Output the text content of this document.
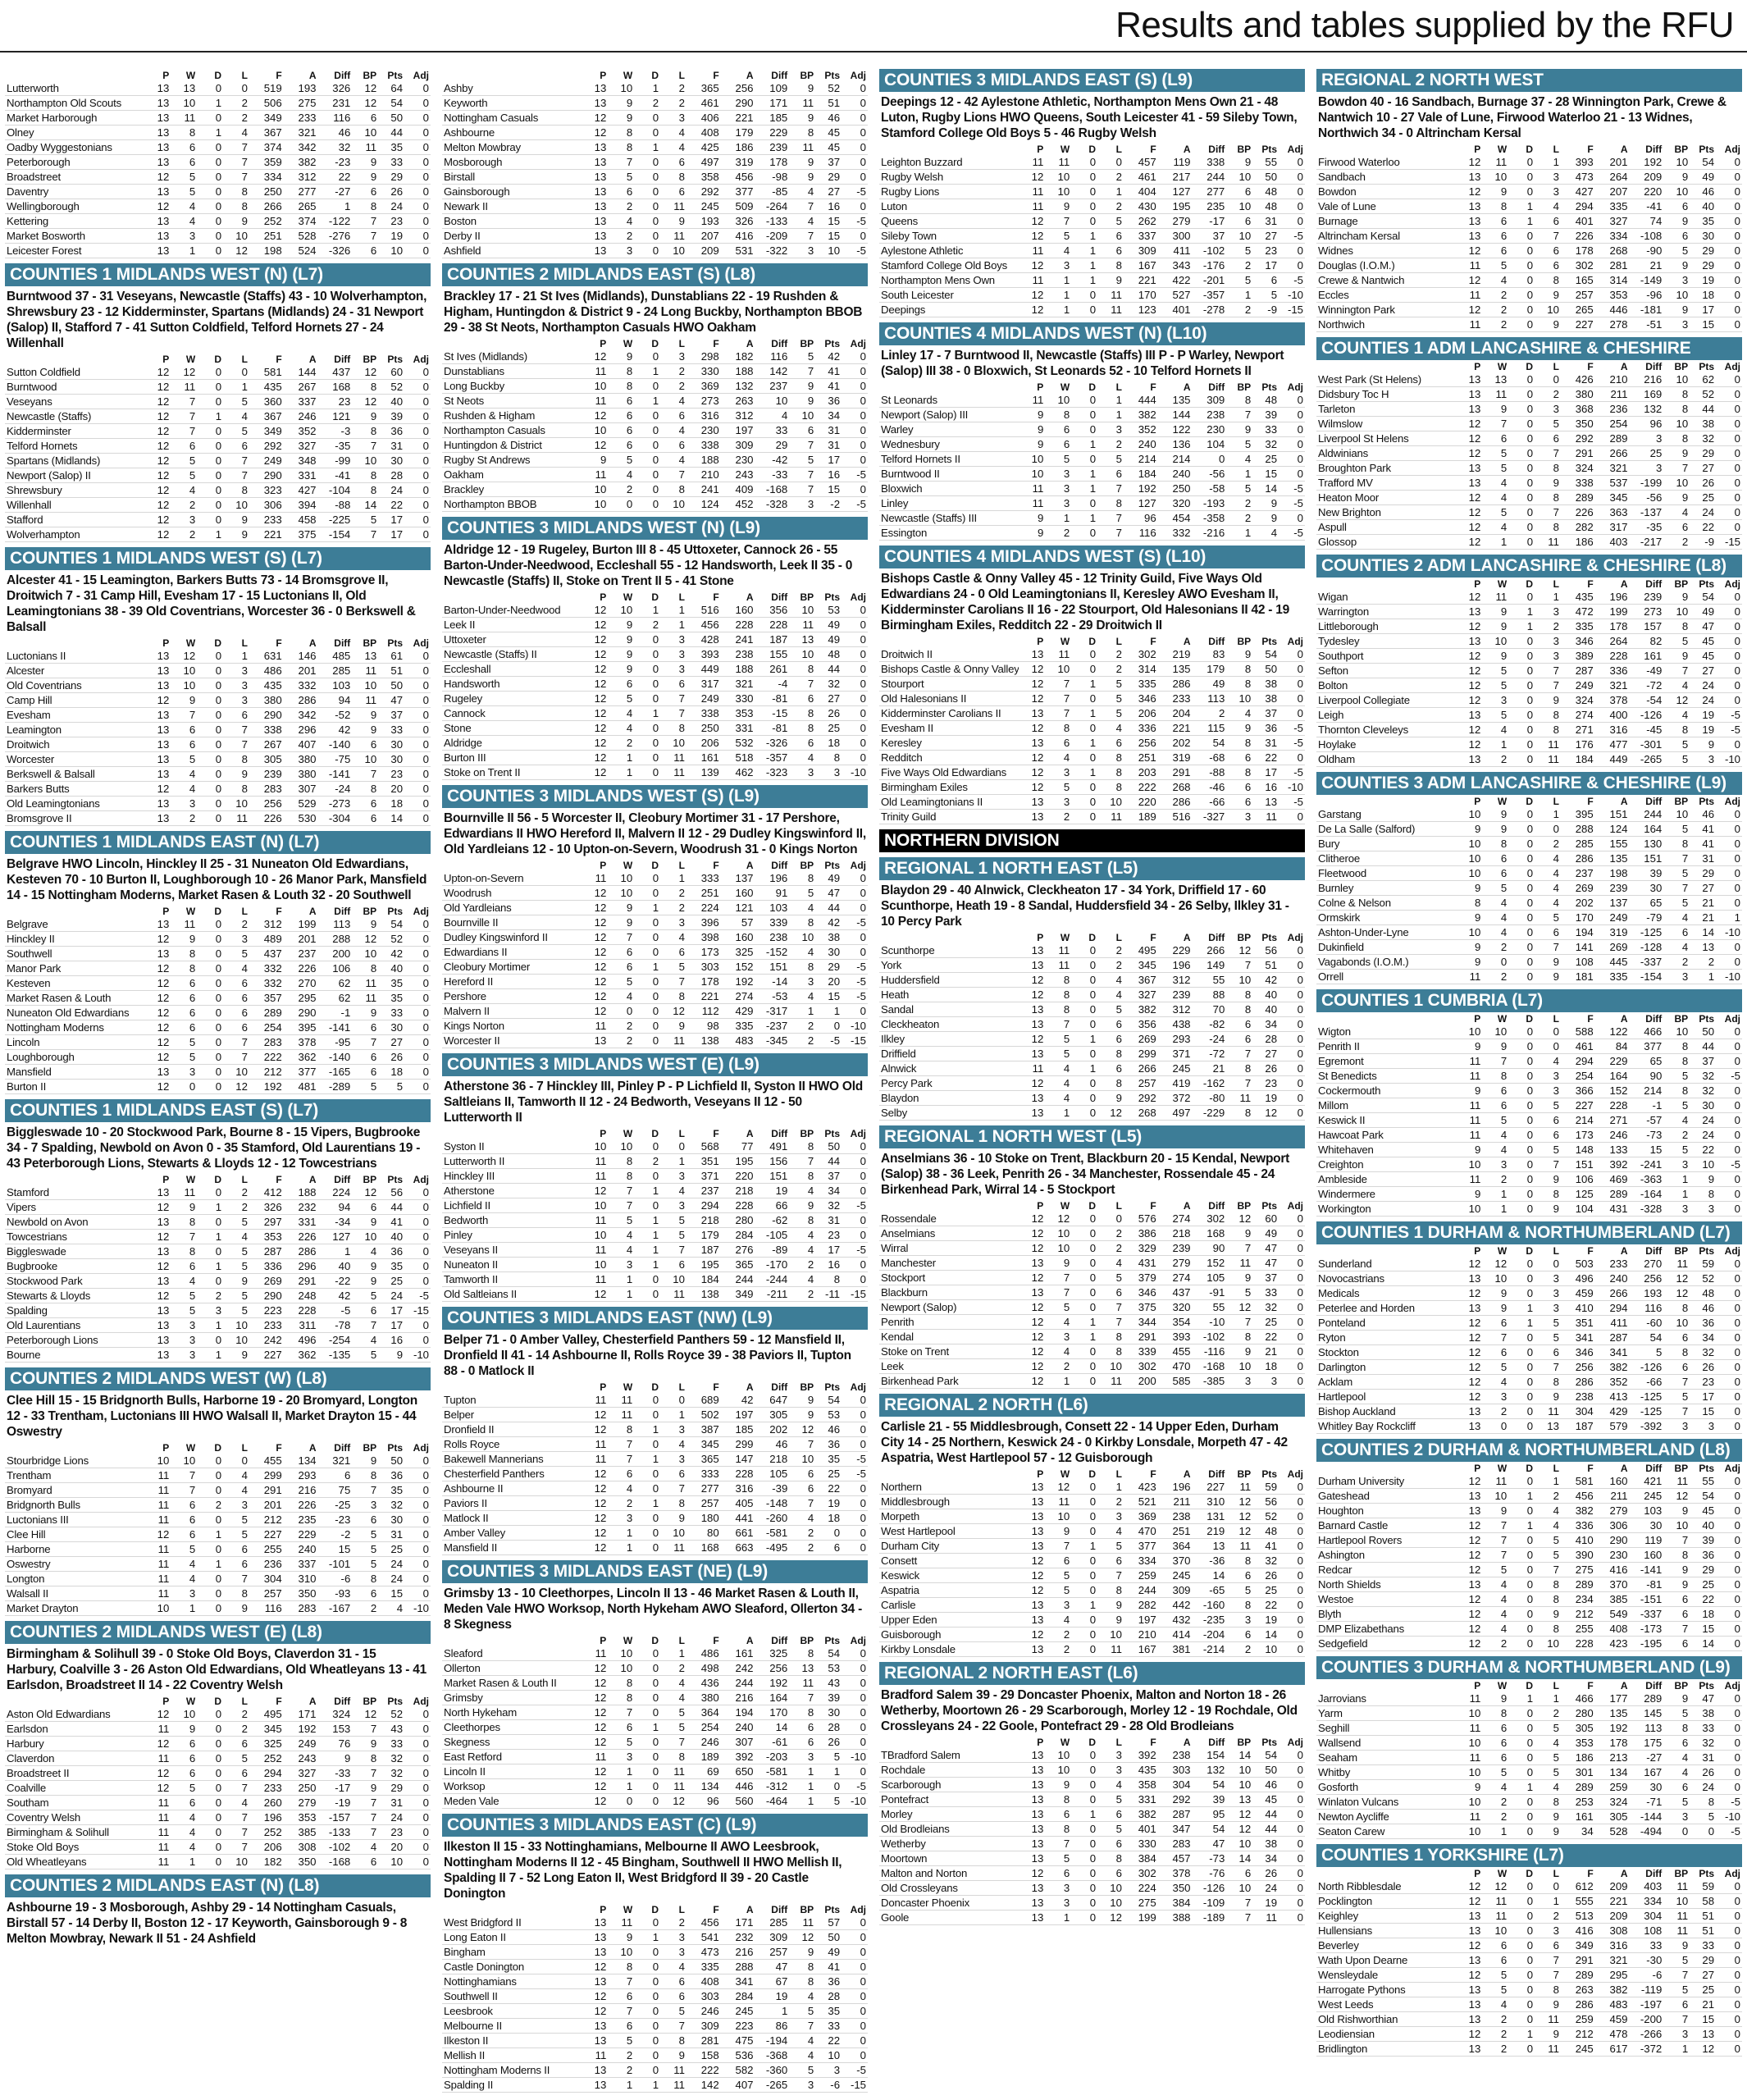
Results and tables supplied by the RFU
	P	W	D	L	F	A	Diff	BP	Pts	Adj
Lutterworth	13	13	0	0	519	193	326	12	64	0
Northampton Old Scouts	13	10	1	2	506	275	231	12	54	0
Market Harborough	13	11	0	2	349	233	116	6	50	0
Olney	13	8	1	4	367	321	46	10	44	0
Oadby Wyggestonians	13	6	0	7	374	342	32	11	35	0
Peterborough	13	6	0	7	359	382	-23	9	33	0
Broadstreet	12	5	0	7	334	312	22	9	29	0
Daventry	13	5	0	8	250	277	-27	6	26	0
Wellingborough	12	4	0	8	266	265	1	8	24	0
Kettering	13	4	0	9	252	374	-122	7	23	0
Market Bosworth	13	3	0	10	251	528	-276	7	19	0
Leicester Forest	13	1	0	12	198	524	-326	6	10	0
COUNTIES 1 MIDLANDS WEST (N) (L7)
Burntwood 37 - 31 Veseyans, Newcastle (Staffs) 43 - 10 Wolverhampton, Shrewsbury 23 - 12 Kidderminster, Spartans (Midlands) 24 - 31 Newport (Salop) II, Stafford 7 - 41 Sutton Coldfield, Telford Hornets 27 - 24 Willenhall
	P	W	D	L	F	A	Diff	BP	Pts	Adj
Sutton Coldfield	12	12	0	0	581	144	437	12	60	0
Burntwood	12	11	0	1	435	267	168	8	52	0
Veseyans	12	7	0	5	360	337	23	12	40	0
Newcastle (Staffs)	12	7	1	4	367	246	121	9	39	0
Kidderminster	12	7	0	5	349	352	-3	8	36	0
Telford Hornets	12	6	0	6	292	327	-35	7	31	0
Spartans (Midlands)	12	5	0	7	249	348	-99	10	30	0
Newport (Salop) II	12	5	0	7	290	331	-41	8	28	0
Shrewsbury	12	4	0	8	323	427	-104	8	24	0
Willenhall	12	2	0	10	306	394	-88	14	22	0
Stafford	12	3	0	9	233	458	-225	5	17	0
Wolverhampton	12	2	1	9	221	375	-154	7	17	0
COUNTIES 1 MIDLANDS WEST (S) (L7)
Alcester 41 - 15 Leamington, Barkers Butts 73 - 14 Bromsgrove II, Droitwich 7 - 31 Camp Hill, Evesham 17 - 15 Luctonians II, Old Leamingtonians 38 - 39 Old Coventrians, Worcester 36 - 0 Berkswell & Balsall
	P	W	D	L	F	A	Diff	BP	Pts	Adj
Luctonians II	13	12	0	1	631	146	485	13	61	0
Alcester	13	10	0	3	486	201	285	11	51	0
Old Coventrians	13	10	0	3	435	332	103	10	50	0
Camp Hill	12	9	0	3	380	286	94	11	47	0
Evesham	13	7	0	6	290	342	-52	9	37	0
Leamington	13	6	0	7	338	296	42	9	33	0
Droitwich	13	6	0	7	267	407	-140	6	30	0
Worcester	13	5	0	8	305	380	-75	10	30	0
Berkswell & Balsall	13	4	0	9	239	380	-141	7	23	0
Barkers Butts	12	4	0	8	283	307	-24	8	20	0
Old Leamingtonians	13	3	0	10	256	529	-273	6	18	0
Bromsgrove II	13	2	0	11	226	530	-304	6	14	0
COUNTIES 1 MIDLANDS EAST (N) (L7)
Belgrave HWO Lincoln, Hinckley II 25 - 31 Nuneaton Old Edwardians, Kesteven 70 - 10 Burton II, Loughborough 10 - 26 Manor Park, Mansfield 14 - 15 Nottingham Moderns, Market Rasen & Louth 32 - 20 Southwell
	P	W	D	L	F	A	Diff	BP	Pts	Adj
Belgrave	13	11	0	2	312	199	113	9	54	0
Hinckley II	12	9	0	3	489	201	288	12	52	0
Southwell	13	8	0	5	437	237	200	10	42	0
Manor Park	12	8	0	4	332	226	106	8	40	0
Kesteven	12	6	0	6	332	270	62	11	35	0
Market Rasen & Louth	12	6	0	6	357	295	62	11	35	0
Nuneaton Old Edwardians	12	6	0	6	289	290	-1	9	33	0
Nottingham Moderns	12	6	0	6	254	395	-141	6	30	0
Lincoln	12	5	0	7	283	378	-95	7	27	0
Loughborough	12	5	0	7	222	362	-140	6	26	0
Mansfield	13	3	0	10	212	377	-165	6	18	0
Burton II	12	0	0	12	192	481	-289	5	5	0
COUNTIES 1 MIDLANDS EAST (S) (L7)
Biggleswade 10 - 20 Stockwood Park, Bourne 8 - 15 Vipers, Bugbrooke 34 - 7 Spalding, Newbold on Avon 0 - 35 Stamford, Old Laurentians 19 - 43 Peterborough Lions, Stewarts & Lloyds 12 - 12 Towcestrians
	P	W	D	L	F	A	Diff	BP	Pts	Adj
Stamford	13	11	0	2	412	188	224	12	56	0
Vipers	12	9	1	2	326	232	94	6	44	0
Newbold on Avon	13	8	0	5	297	331	-34	9	41	0
Towcestrians	12	7	1	4	353	226	127	10	40	0
Biggleswade	13	8	0	5	287	286	1	4	36	0
Bugbrooke	12	6	1	5	336	296	40	9	35	0
Stockwood Park	13	4	0	9	269	291	-22	9	25	0
Stewarts & Lloyds	12	5	2	5	290	248	42	5	24	-5
Spalding	13	5	3	5	223	228	-5	6	17	-15
Old Laurentians	13	3	1	10	233	311	-78	7	17	0
Peterborough Lions	13	3	0	10	242	496	-254	4	16	0
Bourne	13	3	1	9	227	362	-135	5	9	-10
COUNTIES 2 MIDLANDS WEST (W) (L8)
Clee Hill 15 - 15 Bridgnorth Bulls, Harborne 19 - 20 Bromyard, Longton 12 - 33 Trentham, Luctonians III HWO Walsall II, Market Drayton 15 - 44 Oswestry
	P	W	D	L	F	A	Diff	BP	Pts	Adj
Stourbridge Lions	10	10	0	0	455	134	321	9	50	0
Trentham	11	7	0	4	299	293	6	8	36	0
Bromyard	11	7	0	4	291	216	75	7	35	0
Bridgnorth Bulls	11	6	2	3	201	226	-25	3	32	0
Luctonians III	11	6	0	5	212	235	-23	6	30	0
Clee Hill	12	6	1	5	227	229	-2	5	31	0
Harborne	11	5	0	6	255	240	15	5	25	0
Oswestry	11	4	1	6	236	337	-101	5	24	0
Longton	11	4	0	7	304	310	-6	8	24	0
Walsall II	11	3	0	8	257	350	-93	6	15	0
Market Drayton	10	1	0	9	116	283	-167	2	4	-10
COUNTIES 2 MIDLANDS WEST (E) (L8)
Birmingham & Solihull 39 - 0 Stoke Old Boys, Claverdon 31 - 15 Harbury, Coalville 3 - 26 Aston Old Edwardians, Old Wheatleyans 13 - 41 Earlsdon, Broadstreet II 14 - 22 Coventry Welsh
	P	W	D	L	F	A	Diff	BP	Pts	Adj
Aston Old Edwardians	12	10	0	2	495	171	324	12	52	0
Earlsdon	11	9	0	2	345	192	153	7	43	0
Harbury	12	6	0	6	325	249	76	9	33	0
Claverdon	11	6	0	5	252	243	9	8	32	0
Broadstreet II	12	6	0	6	294	327	-33	7	32	0
Coalville	12	5	0	7	233	250	-17	9	29	0
Southam	11	6	0	4	260	279	-19	7	31	0
Coventry Welsh	11	4	0	7	196	353	-157	7	24	0
Birmingham & Solihull	11	4	0	7	252	385	-133	7	23	0
Stoke Old Boys	11	4	0	7	206	308	-102	4	20	0
Old Wheatleyans	11	1	0	10	182	350	-168	6	10	0
COUNTIES 2 MIDLANDS EAST (N) (L8)
Ashbourne 19 - 3 Mosborough, Ashby 29 - 14 Nottingham Casuals, Birstall 57 - 14 Derby II, Boston 12 - 17 Keyworth, Gainsborough 9 - 8 Melton Mowbray, Newark II 51 - 24 Ashfield
	P	W	D	L	F	A	Diff	BP	Pts	Adj
Ashby	13	10	1	2	365	256	109	9	52	0
Keyworth	13	9	2	2	461	290	171	11	51	0
Nottingham Casuals	12	9	0	3	406	221	185	9	46	0
Ashbourne	12	8	0	4	408	179	229	8	45	0
Melton Mowbray	13	8	1	4	425	186	239	11	45	0
Mosborough	13	7	0	6	497	319	178	9	37	0
Birstall	13	5	0	8	358	456	-98	9	29	0
Gainsborough	13	6	0	6	292	377	-85	4	27	-5
Newark II	13	2	0	11	245	509	-264	7	16	0
Boston	13	4	0	9	193	326	-133	4	15	-5
Derby II	13	2	0	11	207	416	-209	7	15	0
Ashfield	13	3	0	10	209	531	-322	3	10	-5
COUNTIES 2 MIDLANDS EAST (S) (L8)
Brackley 17 - 21 St Ives (Midlands), Dunstablians 22 - 19 Rushden & Higham, Huntingdon & District 9 - 24 Long Buckby, Northampton BBOB 29 - 38 St Neots, Northampton Casuals HWO Oakham
	P	W	D	L	F	A	Diff	BP	Pts	Adj
St Ives (Midlands)	12	9	0	3	298	182	116	5	42	0
Dunstablians	11	8	1	2	330	188	142	7	41	0
Long Buckby	10	8	0	2	369	132	237	9	41	0
St Neots	11	6	1	4	273	263	10	9	36	0
Rushden & Higham	12	6	0	6	316	312	4	10	34	0
Northampton Casuals	10	6	0	4	230	197	33	6	31	0
Huntingdon & District	12	6	0	6	338	309	29	7	31	0
Rugby St Andrews	9	5	0	4	188	230	-42	5	17	0
Oakham	11	4	0	7	210	243	-33	7	16	-5
Brackley	10	2	0	8	241	409	-168	7	15	0
Northampton BBOB	10	0	0	10	124	452	-328	3	-2	-5
COUNTIES 3 MIDLANDS WEST (N) (L9)
Aldridge 12 - 19 Rugeley, Burton III 8 - 45 Uttoxeter, Cannock 26 - 55 Barton-Under-Needwood, Eccleshall 55 - 12 Handsworth, Leek II 35 - 0 Newcastle (Staffs) II, Stoke on Trent II 5 - 41 Stone
	P	W	D	L	F	A	Diff	BP	Pts	Adj
Barton-Under-Needwood	12	10	1	1	516	160	356	10	53	0
Leek II	12	9	2	1	456	228	228	11	49	0
Uttoxeter	12	9	0	3	428	241	187	13	49	0
Newcastle (Staffs) II	12	9	0	3	393	238	155	10	48	0
Eccleshall	12	9	0	3	449	188	261	8	44	0
Handsworth	12	6	0	6	317	321	-4	7	32	0
Rugeley	12	5	0	7	249	330	-81	6	27	0
Cannock	12	4	1	7	338	353	-15	8	26	0
Stone	12	4	0	8	250	331	-81	8	25	0
Aldridge	12	2	0	10	206	532	-326	6	18	0
Burton III	12	1	0	11	161	518	-357	4	8	0
Stoke on Trent II	12	1	0	11	139	462	-323	3	3	-10
COUNTIES 3 MIDLANDS WEST (S) (L9)
Bournville II 56 - 5 Worcester II, Cleobury Mortimer 31 - 17 Pershore, Edwardians II HWO Hereford II, Malvern II 12 - 29 Dudley Kingswinford II, Old Yardleians 12 - 10 Upton-on-Severn, Woodrush 31 - 0 Kings Norton
	P	W	D	L	F	A	Diff	BP	Pts	Adj
Upton-on-Severn	11	10	0	1	333	137	196	8	49	0
Woodrush	12	10	0	2	251	160	91	5	47	0
Old Yardleians	12	9	1	2	224	121	103	4	44	0
Bournville II	12	9	0	3	396	57	339	8	42	-5
Dudley Kingswinford II	12	7	0	4	398	160	238	10	38	0
Edwardians II	12	6	0	6	173	325	-152	4	30	0
Cleobury Mortimer	12	6	1	5	303	152	151	8	29	-5
Hereford II	12	5	0	7	178	192	-14	3	20	-5
Pershore	12	4	0	8	221	274	-53	4	15	-5
Malvern II	12	0	0	12	112	429	-317	1	1	0
Kings Norton	11	2	0	9	98	335	-237	2	0	-10
Worcester II	13	2	0	11	138	483	-345	2	-5	-15
COUNTIES 3 MIDLANDS WEST (E) (L9)
Atherstone 36 - 7 Hinckley III, Pinley P - P Lichfield II, Syston II HWO Old Saltleians II, Tamworth II 12 - 24 Bedworth, Veseyans II 12 - 50 Lutterworth II
	P	W	D	L	F	A	Diff	BP	Pts	Adj
Syston II	10	10	0	0	568	77	491	8	50	0
Lutterworth II	11	8	2	1	351	195	156	7	44	0
Hinckley III	11	8	0	3	371	220	151	8	37	0
Atherstone	12	7	1	4	237	218	19	4	34	0
Lichfield II	10	7	0	3	294	228	66	9	32	-5
Bedworth	11	5	1	5	218	280	-62	8	31	0
Pinley	10	4	1	5	179	284	-105	4	23	0
Veseyans II	11	4	1	7	187	276	-89	4	17	-5
Nuneaton II	10	3	1	6	195	365	-170	2	16	0
Tamworth II	11	1	0	10	184	244	-244	4	8	0
Old Saltleians II	12	1	0	11	138	349	-211	2	-11	-15
COUNTIES 3 MIDLANDS EAST (NW) (L9)
Belper 71 - 0 Amber Valley, Chesterfield Panthers 59 - 12 Mansfield II, Dronfield II 41 - 14 Ashbourne II, Rolls Royce 39 - 38 Paviors II, Tupton 88 - 0 Matlock II
	P	W	D	L	F	A	Diff	BP	Pts	Adj
Tupton	11	11	0	0	689	42	647	9	54	0
Belper	12	11	0	1	502	197	305	9	53	0
Dronfield II	12	8	1	3	387	185	202	12	46	0
Rolls Royce	11	7	0	4	345	299	46	7	36	0
Bakewell Mannerians	11	7	1	3	365	147	218	10	35	-5
Chesterfield Panthers	12	6	0	6	333	228	105	6	25	-5
Ashbourne II	12	4	0	7	277	316	-39	6	22	0
Paviors II	12	2	1	8	257	405	-148	7	19	0
Matlock II	12	3	0	9	180	441	-260	4	18	0
Amber Valley	12	1	0	10	80	661	-581	2	0	0
Mansfield II	12	1	0	11	168	663	-495	2	6	0
COUNTIES 3 MIDLANDS EAST (NE) (L9)
Grimsby 13 - 10 Cleethorpes, Lincoln II 13 - 46 Market Rasen & Louth II, Meden Vale HWO Worksop, North Hykeham AWO Sleaford, Ollerton 34 - 8 Skegness
	P	W	D	L	F	A	Diff	BP	Pts	Adj
Sleaford	11	10	0	1	486	161	325	8	54	0
Ollerton	12	10	0	2	498	242	256	13	53	0
Market Rasen & Louth II	12	8	0	4	436	244	192	11	43	0
Grimsby	12	8	0	4	380	216	164	7	39	0
North Hykeham	12	7	0	5	364	194	170	8	30	0
Cleethorpes	12	6	1	5	254	240	14	6	28	0
Skegness	12	5	0	7	246	307	-61	6	26	0
East Retford	11	3	0	8	189	392	-203	3	5	-10
Lincoln II	12	1	0	11	69	650	-581	1	1	0
Worksop	12	1	0	11	134	446	-312	1	0	-5
Meden Vale	12	0	0	12	96	560	-464	1	5	-10
COUNTIES 3 MIDLANDS EAST (C) (L9)
Ilkeston II 15 - 33 Nottinghamians, Melbourne II AWO Leesbrook, Nottingham Moderns II 12 - 45 Bingham, Southwell II HWO Mellish II, Spalding II 7 - 52 Long Eaton II, West Bridgford II 39 - 20 Castle Donington
	P	W	D	L	F	A	Diff	BP	Pts	Adj
West Bridgford II	13	11	0	2	456	171	285	11	57	0
Long Eaton II	13	9	1	3	541	232	309	12	50	0
Bingham	13	10	0	3	473	216	257	9	49	0
Castle Donington	12	8	0	4	335	288	47	8	41	0
Nottinghamians	13	7	0	6	408	341	67	8	36	0
Southwell II	12	6	0	6	303	284	19	4	28	0
Leesbrook	12	7	0	5	246	245	1	5	35	0
Melbourne II	13	6	0	7	309	223	86	7	33	0
Ilkeston II	13	5	0	8	281	475	-194	4	22	0
Mellish II	11	2	0	9	158	536	-368	4	10	0
Nottingham Moderns II	13	2	0	11	222	582	-360	5	3	-5
Spalding II	13	1	1	11	142	407	-265	3	-6	-15
COUNTIES 3 MIDLANDS EAST (S) (L9)
Deepings 12 - 42 Aylestone Athletic, Northampton Mens Own 21 - 48 Luton, Rugby Lions HWO Queens, South Leicester 41 - 59 Sileby Town, Stamford College Old Boys 5 - 46 Rugby Welsh
	P	W	D	L	F	A	Diff	BP	Pts	Adj
Leighton Buzzard	11	11	0	0	457	119	338	9	55	0
Rugby Welsh	12	10	0	2	461	217	244	10	50	0
Rugby Lions	11	10	0	1	404	127	277	6	48	0
Luton	11	9	0	2	430	195	235	10	48	0
Queens	12	7	0	5	262	279	-17	6	31	0
Sileby Town	12	5	1	6	337	300	37	10	27	-5
Aylestone Athletic	11	4	1	6	309	411	-102	5	23	0
Stamford College Old Boys	12	3	1	8	167	343	-176	2	17	0
Northampton Mens Own	11	1	1	9	221	422	-201	5	6	-5
South Leicester	12	1	0	11	170	527	-357	1	5	-10
Deepings	12	1	0	11	123	401	-278	2	-9	-15
COUNTIES 4 MIDLANDS WEST (N) (L10)
Linley 17 - 7 Burntwood II, Newcastle (Staffs) III P - P Warley, Newport (Salop) III 38 - 0 Bloxwich, St Leonards 52 - 10 Telford Hornets II
	P	W	D	L	F	A	Diff	BP	Pts	Adj
St Leonards	11	10	0	1	444	135	309	8	48	0
Newport (Salop) III	9	8	0	1	382	144	238	7	39	0
Warley	9	6	0	3	352	122	230	9	33	0
Wednesbury	9	6	1	2	240	136	104	5	32	0
Telford Hornets II	10	5	0	5	214	214	0	4	25	0
Burntwood II	10	3	1	6	184	240	-56	1	15	0
Bloxwich	11	3	1	7	192	250	-58	5	14	-5
Linley	11	3	0	8	127	320	-193	2	9	-5
Newcastle (Staffs) III	9	1	1	7	96	454	-358	2	9	0
Essington	9	2	0	7	116	332	-216	1	4	-5
COUNTIES 4 MIDLANDS WEST (S) (L10)
Bishops Castle & Onny Valley 45 - 12 Trinity Guild, Five Ways Old Edwardians 24 - 0 Old Leamingtonians II, Keresley AWO Evesham II, Kidderminster Carolians II 16 - 22 Stourport, Old Halesonians II 42 - 19 Birmingham Exiles, Redditch 22 - 29 Droitwich II
	P	W	D	L	F	A	Diff	BP	Pts	Adj
Droitwich II	13	11	0	2	302	219	83	9	54	0
Bishops Castle & Onny Valley	12	10	0	2	314	135	179	8	50	0
Stourport	12	7	1	5	335	286	49	8	38	0
Old Halesonians II	12	7	0	5	346	233	113	10	38	0
Kidderminster Carolians II	13	7	1	5	206	204	2	4	37	0
Evesham II	12	8	0	4	336	221	115	9	36	-5
Keresley	13	6	1	6	256	202	54	8	31	-5
Redditch	12	4	0	8	251	319	-68	6	22	0
Five Ways Old Edwardians	12	3	1	8	203	291	-88	8	17	-5
Birmingham Exiles	12	5	0	8	222	268	-46	6	16	-10
Old Leamingtonians II	13	3	0	10	220	286	-66	6	13	-5
Trinity Guild	13	2	0	11	189	516	-327	3	11	0
NORTHERN DIVISION
REGIONAL 1 NORTH EAST (L5)
Blaydon 29 - 40 Alnwick, Cleckheaton 17 - 34 York, Driffield 17 - 60 Scunthorpe, Heath 19 - 8 Sandal, Huddersfield 34 - 26 Selby, Ilkley 31 - 10 Percy Park
	P	W	D	L	F	A	Diff	BP	Pts	Adj
Scunthorpe	13	11	0	2	495	229	266	12	56	0
York	13	11	0	2	345	196	149	7	51	0
Huddersfield	12	8	0	4	367	312	55	10	42	0
Heath	12	8	0	4	327	239	88	8	40	0
Sandal	13	8	0	5	382	312	70	8	40	0
Cleckheaton	13	7	0	6	356	438	-82	6	34	0
Ilkley	12	5	1	6	269	293	-24	6	28	0
Driffield	13	5	0	8	299	371	-72	7	27	0
Alnwick	11	4	1	6	266	245	21	8	26	0
Percy Park	12	4	0	8	257	419	-162	7	23	0
Blaydon	13	4	0	9	292	372	-80	11	19	0
Selby	13	1	0	12	268	497	-229	8	12	0
REGIONAL 1 NORTH WEST (L5)
Anselmians 36 - 10 Stoke on Trent, Blackburn 20 - 15 Kendal, Newport (Salop) 38 - 36 Leek, Penrith 26 - 34 Manchester, Rossendale 45 - 24 Birkenhead Park, Wirral 14 - 5 Stockport
	P	W	D	L	F	A	Diff	BP	Pts	Adj
Rossendale	12	12	0	0	576	274	302	12	60	0
Anselmians	12	10	0	2	386	218	168	9	49	0
Wirral	12	10	0	2	329	239	90	7	47	0
Manchester	13	9	0	4	431	279	152	11	47	0
Stockport	12	7	0	5	379	274	105	9	37	0
Blackburn	13	7	0	6	346	437	-91	5	33	0
Newport (Salop)	12	5	0	7	375	320	55	12	32	0
Penrith	12	4	1	7	344	354	-10	7	25	0
Kendal	12	3	1	8	291	393	-102	8	22	0
Stoke on Trent	12	4	0	8	339	455	-116	9	21	0
Leek	12	2	0	10	302	470	-168	10	18	0
Birkenhead Park	12	1	0	11	200	585	-385	3	3	0
REGIONAL 2 NORTH (L6)
Carlisle 21 - 55 Middlesbrough, Consett 22 - 14 Upper Eden, Durham City 14 - 25 Northern, Keswick 24 - 0 Kirkby Lonsdale, Morpeth 47 - 42 Aspatria, West Hartlepool 57 - 12 Guisborough
	P	W	D	L	F	A	Diff	BP	Pts	Adj
Northern	13	12	0	1	423	196	227	11	59	0
Middlesbrough	13	11	0	2	521	211	310	12	56	0
Morpeth	13	10	0	3	369	238	131	12	52	0
West Hartlepool	13	9	0	4	470	251	219	12	48	0
Durham City	13	7	1	5	377	364	13	11	41	0
Consett	12	6	0	6	334	370	-36	8	32	0
Keswick	12	5	0	7	259	245	14	6	26	0
Aspatria	12	5	0	8	244	309	-65	5	25	0
Carlisle	13	3	1	9	282	442	-160	8	22	0
Upper Eden	13	4	0	9	197	432	-235	3	19	0
Guisborough	12	2	0	10	210	414	-204	6	14	0
Kirkby Lonsdale	13	2	0	11	167	381	-214	2	10	0
REGIONAL 2 NORTH EAST (L6)
Bradford Salem 39 - 29 Doncaster Phoenix, Malton and Norton 18 - 26 Wetherby, Moortown 26 - 29 Scarborough, Morley 12 - 19 Rochdale, Old Crossleyans 24 - 22 Goole, Pontefract 29 - 28 Old Brodleians
	P	W	D	L	F	A	Diff	BP	Pts	Adj
TBradford Salem	13	10	0	3	392	238	154	14	54	0
Rochdale	13	10	0	3	435	303	132	10	50	0
Scarborough	13	9	0	4	358	304	54	10	46	0
Pontefract	13	8	0	5	331	292	39	13	45	0
Morley	13	6	1	6	382	287	95	12	44	0
Old Brodleians	13	8	0	5	401	347	54	12	44	0
Wetherby	13	7	0	6	330	283	47	10	38	0
Moortown	13	5	0	8	384	457	-73	14	34	0
Malton and Norton	12	6	0	6	302	378	-76	6	26	0
Old Crossleyans	13	3	0	10	224	350	-126	10	24	0
Doncaster Phoenix	13	3	0	10	275	384	-109	7	19	0
Goole	13	1	0	12	199	388	-189	7	11	0
REGIONAL 2 NORTH WEST
Bowdon 40 - 16 Sandbach, Burnage 37 - 28 Winnington Park, Crewe & Nantwich 10 - 27 Vale of Lune, Firwood Waterloo 21 - 13 Widnes, Northwich 34 - 0 Altrincham Kersal
	P	W	D	L	F	A	Diff	BP	Pts	Adj
Firwood Waterloo	12	11	0	1	393	201	192	10	54	0
Sandbach	13	10	0	3	473	264	209	9	49	0
Bowdon	12	9	0	3	427	207	220	10	46	0
Vale of Lune	13	8	1	4	294	335	-41	6	40	0
Burnage	13	6	1	6	401	327	74	9	35	0
Altrincham Kersal	13	6	0	7	226	334	-108	6	30	0
Widnes	12	6	0	6	178	268	-90	5	29	0
Douglas (I.O.M.)	11	5	0	6	302	281	21	9	29	0
Crewe & Nantwich	12	4	0	8	165	314	-149	3	19	0
Eccles	11	2	0	9	257	353	-96	10	18	0
Winnington Park	12	2	0	10	265	446	-181	9	17	0
Northwich	11	2	0	9	227	278	-51	3	15	0
COUNTIES 1 ADM LANCASHIRE & CHESHIRE
	P	W	D	L	F	A	Diff	BP	Pts	Adj
West Park (St Helens)	13	13	0	0	426	210	216	10	62	0
Didsbury Toc H	13	11	0	2	380	211	169	8	52	0
Tarleton	13	9	0	3	368	236	132	8	44	0
Wilmslow	12	7	0	5	350	254	96	10	38	0
Liverpool St Helens	12	6	0	6	292	289	3	8	32	0
Aldwinians	12	5	0	7	291	266	25	9	29	0
Broughton Park	13	5	0	8	324	321	3	7	27	0
Trafford MV	13	4	0	9	338	537	-199	10	26	0
Heaton Moor	12	4	0	8	289	345	-56	9	25	0
New Brighton	12	5	0	7	226	363	-137	4	24	0
Aspull	12	4	0	8	282	317	-35	6	22	0
Glossop	12	1	0	11	186	403	-217	2	-9	-15
COUNTIES 2 ADM LANCASHIRE & CHESHIRE (L8)
	P	W	D	L	F	A	Diff	BP	Pts	Adj
Wigan	12	11	0	1	435	196	239	9	54	0
Warrington	13	9	1	3	472	199	273	10	49	0
Littleborough	12	9	1	2	335	178	157	8	47	0
Tydesley	13	10	0	3	346	264	82	5	45	0
Southport	12	9	0	3	389	228	161	9	45	0
Sefton	12	5	0	7	287	336	-49	7	27	0
Bolton	12	5	0	7	249	321	-72	4	24	0
Liverpool Collegiate	12	3	0	9	324	378	-54	12	24	0
Leigh	13	5	0	8	274	400	-126	4	19	-5
Thornton Cleveleys	12	4	0	8	271	316	-45	8	19	-5
Hoylake	12	1	0	11	176	477	-301	5	9	0
Oldham	13	2	0	11	184	449	-265	5	3	-10
COUNTIES 3 ADM LANCASHIRE & CHESHIRE (L9)
	P	W	D	L	F	A	Diff	BP	Pts	Adj
Garstang	10	9	0	1	395	151	244	10	46	0
De La Salle (Salford)	9	9	0	0	288	124	164	5	41	0
Bury	10	8	0	2	285	155	130	8	41	0
Clitheroe	10	6	0	4	286	135	151	7	31	0
Fleetwood	10	6	0	4	237	198	39	5	29	0
Burnley	9	5	0	4	269	239	30	7	27	0
Colne & Nelson	8	4	0	4	202	137	65	5	21	0
Ormskirk	9	4	0	5	170	249	-79	4	21	1
Ashton-Under-Lyne	10	4	0	6	194	319	-125	6	14	-10
Dukinfield	9	2	0	7	141	269	-128	4	13	0
Vagabonds (I.O.M.)	9	0	0	9	108	445	-337	2	2	0
Orrell	11	2	0	9	181	335	-154	3	1	-10
COUNTIES 1 CUMBRIA (L7)
	P	W	D	L	F	A	Diff	BP	Pts	Adj
Wigton	10	10	0	0	588	122	466	10	50	0
Penrith II	9	9	0	0	461	84	377	8	44	0
Egremont	11	7	0	4	294	229	65	8	37	0
St Benedicts	11	8	0	3	254	164	90	5	32	-5
Cockermouth	9	6	0	3	366	152	214	8	32	0
Millom	11	6	0	5	227	228	-1	5	30	0
Keswick II	11	5	0	6	214	271	-57	4	24	0
Hawcoat Park	11	4	0	6	173	246	-73	2	24	0
Whitehaven	9	4	0	5	148	133	15	5	22	0
Creighton	10	3	0	7	151	392	-241	3	10	-5
Ambleside	11	2	0	9	106	469	-363	1	9	0
Windermere	9	1	0	8	125	289	-164	1	8	0
Workington	10	1	0	9	104	431	-328	3	3	0
COUNTIES 1 DURHAM & NORTHUMBERLAND (L7)
	P	W	D	L	F	A	Diff	BP	Pts	Adj
Sunderland	12	12	0	0	503	233	270	11	59	0
Novocastrians	13	10	0	3	496	240	256	12	52	0
Medicals	12	9	0	3	459	266	193	12	48	0
Peterlee and Horden	13	9	1	3	410	294	116	8	46	0
Ponteland	12	6	1	5	351	411	-60	10	36	0
Ryton	12	7	0	5	341	287	54	6	34	0
Stockton	12	6	0	6	346	341	5	8	32	0
Darlington	12	5	0	7	256	382	-126	6	26	0
Acklam	12	4	0	8	286	352	-66	7	23	0
Hartlepool	12	3	0	9	238	413	-125	5	17	0
Bishop Auckland	13	2	0	11	304	429	-125	7	15	0
Whitley Bay Rockcliff	13	0	0	13	187	579	-392	3	3	0
COUNTIES 2 DURHAM & NORTHUMBERLAND (L8)
	P	W	D	L	F	A	Diff	BP	Pts	Adj
Durham University	12	11	0	1	581	160	421	11	55	0
Gateshead	13	10	1	2	456	211	245	12	54	0
Houghton	13	9	0	4	382	279	103	9	45	0
Barnard Castle	12	7	1	4	336	306	30	10	40	0
Hartlepool Rovers	12	7	0	5	410	290	119	7	39	0
Ashington	12	7	0	5	390	230	160	8	36	0
Redcar	12	5	0	7	275	416	-141	9	29	0
North Shields	13	4	0	8	289	370	-81	9	25	0
Westoe	12	4	0	8	234	385	-151	6	22	0
Blyth	12	4	0	9	212	549	-337	6	18	0
DMP Elizabethans	12	4	0	8	255	408	-173	7	15	0
Sedgefield	12	2	0	10	228	423	-195	6	14	0
COUNTIES 3 DURHAM & NORTHUMBERLAND (L9)
	P	W	D	L	F	A	Diff	BP	Pts	Adj
Jarrovians	11	9	1	1	466	177	289	9	47	0
Yarm	10	8	0	2	280	135	145	5	38	0
Seghill	11	6	0	5	305	192	113	8	33	0
Wallsend	10	6	0	4	353	178	175	6	32	0
Seaham	11	6	0	5	186	213	-27	4	31	0
Whitby	10	5	0	5	301	134	167	4	26	0
Gosforth	9	4	1	4	289	259	30	6	24	0
Winlaton Vulcans	10	2	0	8	253	324	-71	5	8	-5
Newton Aycliffe	11	2	0	9	161	305	-144	3	5	-10
Seaton Carew	10	1	0	9	34	528	-494	0	0	-5
COUNTIES 1 YORKSHIRE (L7)
	P	W	D	L	F	A	Diff	BP	Pts	Adj
North Ribblesdale	12	12	0	0	612	209	403	11	59	0
Pocklington	12	11	0	1	555	221	334	10	58	0
Keighley	13	11	0	2	513	209	304	11	51	0
Hullensians	13	10	0	3	416	308	108	11	51	0
Beverley	12	6	0	6	349	316	33	9	33	0
Wath Upon Dearne	13	6	0	7	291	321	-30	5	29	0
Wensleydale	12	5	0	7	289	295	-6	7	27	0
Harrogate Pythons	13	5	0	8	263	382	-119	5	25	0
West Leeds	13	4	0	9	286	483	-197	6	21	0
Old Rishworthian	13	2	0	11	259	459	-200	7	15	0
Leodiensian	12	2	1	9	212	478	-266	3	13	0
Bridlington	13	2	0	11	245	617	-372	1	12	0
